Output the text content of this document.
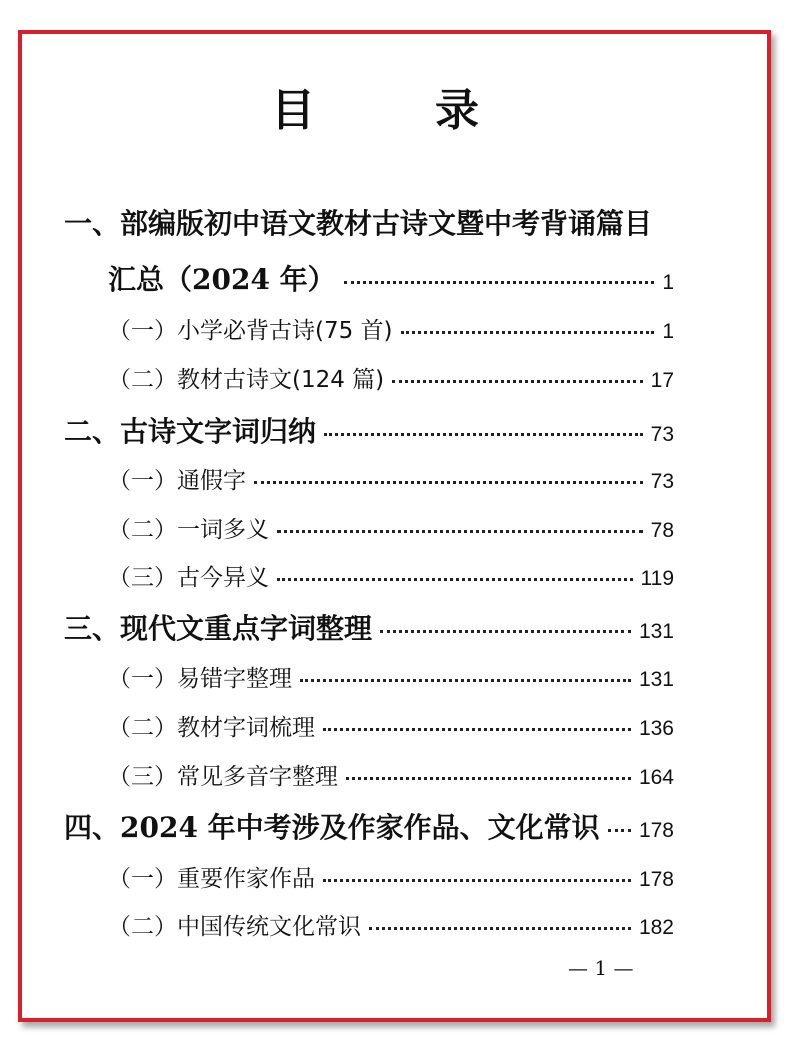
目　录
一、部编版初中语文教材古诗文暨中考背诵篇目
汇总（2024 年）	1
（一）小学必背古诗(75 首)	1
（二）教材古诗文(124 篇)	17
二、古诗文字词归纳	73
（一）通假字	73
（二）一词多义	78
（三）古今异义	119
三、现代文重点字词整理	131
（一）易错字整理	131
（二）教材字词梳理	136
（三）常见多音字整理	164
四、2024 年中考涉及作家作品、文化常识 178
（一）重要作家作品	178
（二）中国传统文化常识	182
— 1 —
